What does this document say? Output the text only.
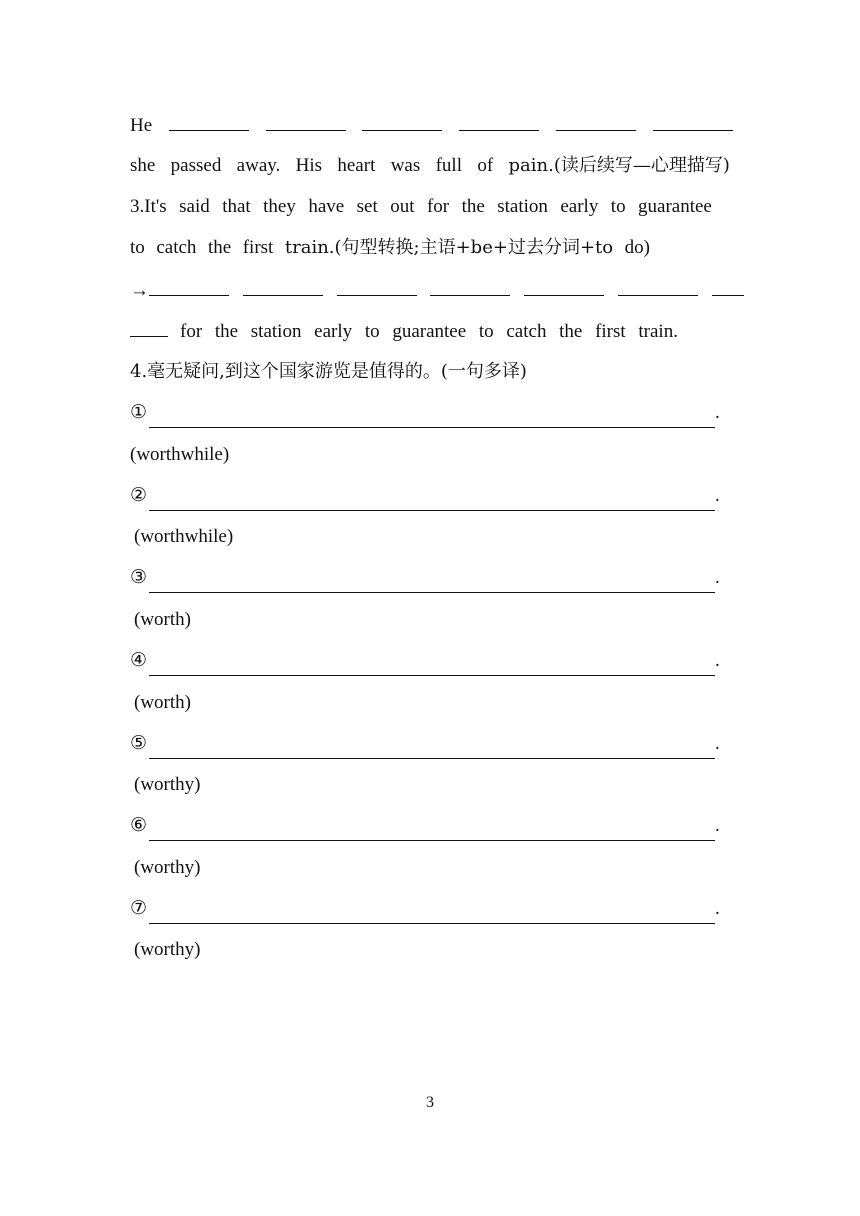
He
she passed away. His heart was full of pain.(读后续写—心理描写)
3.It's said that they have set out for the station early to guarantee
to catch the first train.(句型转换;主语+be+过去分词+to do)
→
for the station early to guarantee to catch the first train.
4.毫无疑问,到这个国家游览是值得的。(一句多译)
①	.
(worthwhile)
②	.
(worthwhile)
③	.
(worth)
④	.
(worth)
⑤	.
(worthy)
⑥	.
(worthy)
⑦	.
(worthy)
3
